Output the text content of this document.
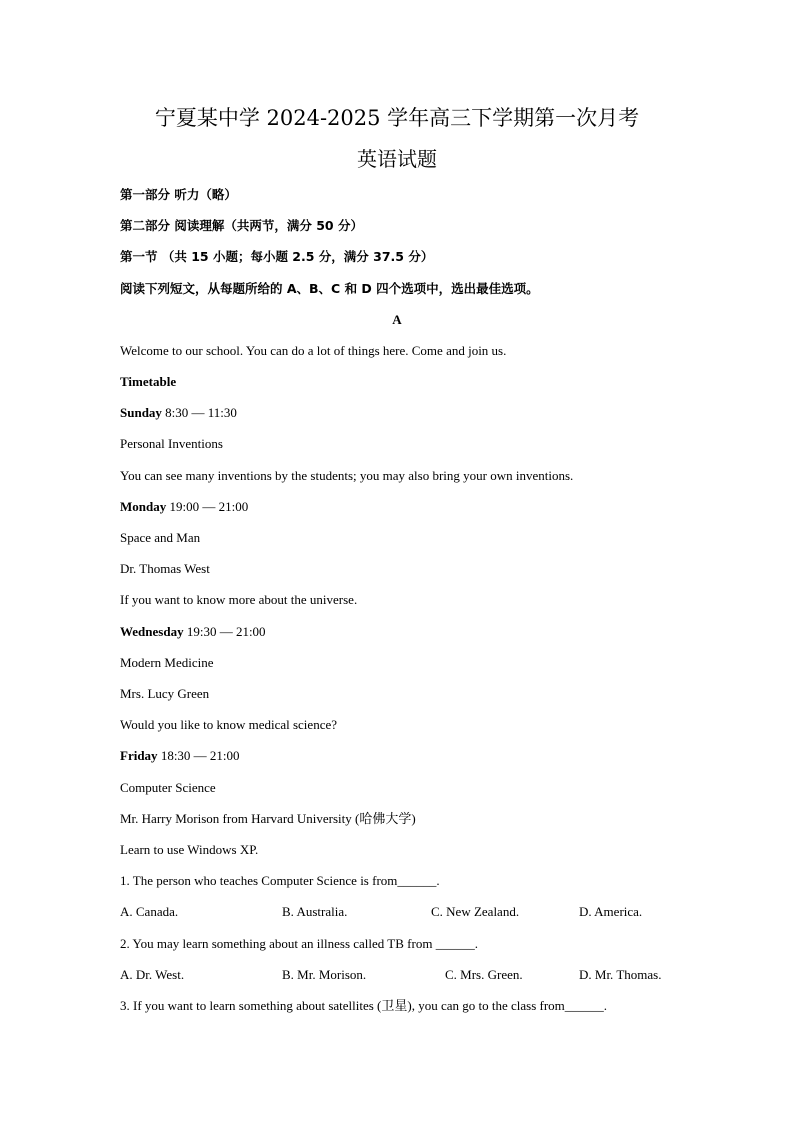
宁夏某中学 2024-2025 学年高三下学期第一次月考
英语试题
第一部分 听力（略）
第二部分 阅读理解（共两节，满分 50 分）
第一节 （共 15 小题；每小题 2.5 分，满分 37.5 分）
阅读下列短文，从每题所给的 A、B、C 和 D 四个选项中，选出最佳选项。
A
Welcome to our school. You can do a lot of things here. Come and join us.
Timetable
Sunday 8:30 — 11:30
Personal Inventions
You can see many inventions by the students; you may also bring your own inventions.
Monday 19:00 — 21:00
Space and Man
Dr. Thomas West
If you want to know more about the universe.
Wednesday 19:30 — 21:00
Modern Medicine
Mrs. Lucy Green
Would you like to know medical science?
Friday 18:30 — 21:00
Computer Science
Mr. Harry Morison from Harvard University (哈佛大学)
Learn to use Windows XP.
1. The person who teaches Computer Science is from______.
A. Canada.	B. Australia.	C. New Zealand.	D. America.
2. You may learn something about an illness called TB from ______.
A. Dr. West.	B. Mr. Morison.	C. Mrs. Green.	D. Mr. Thomas.
3. If you want to learn something about satellites (卫星), you can go to the class from______.
